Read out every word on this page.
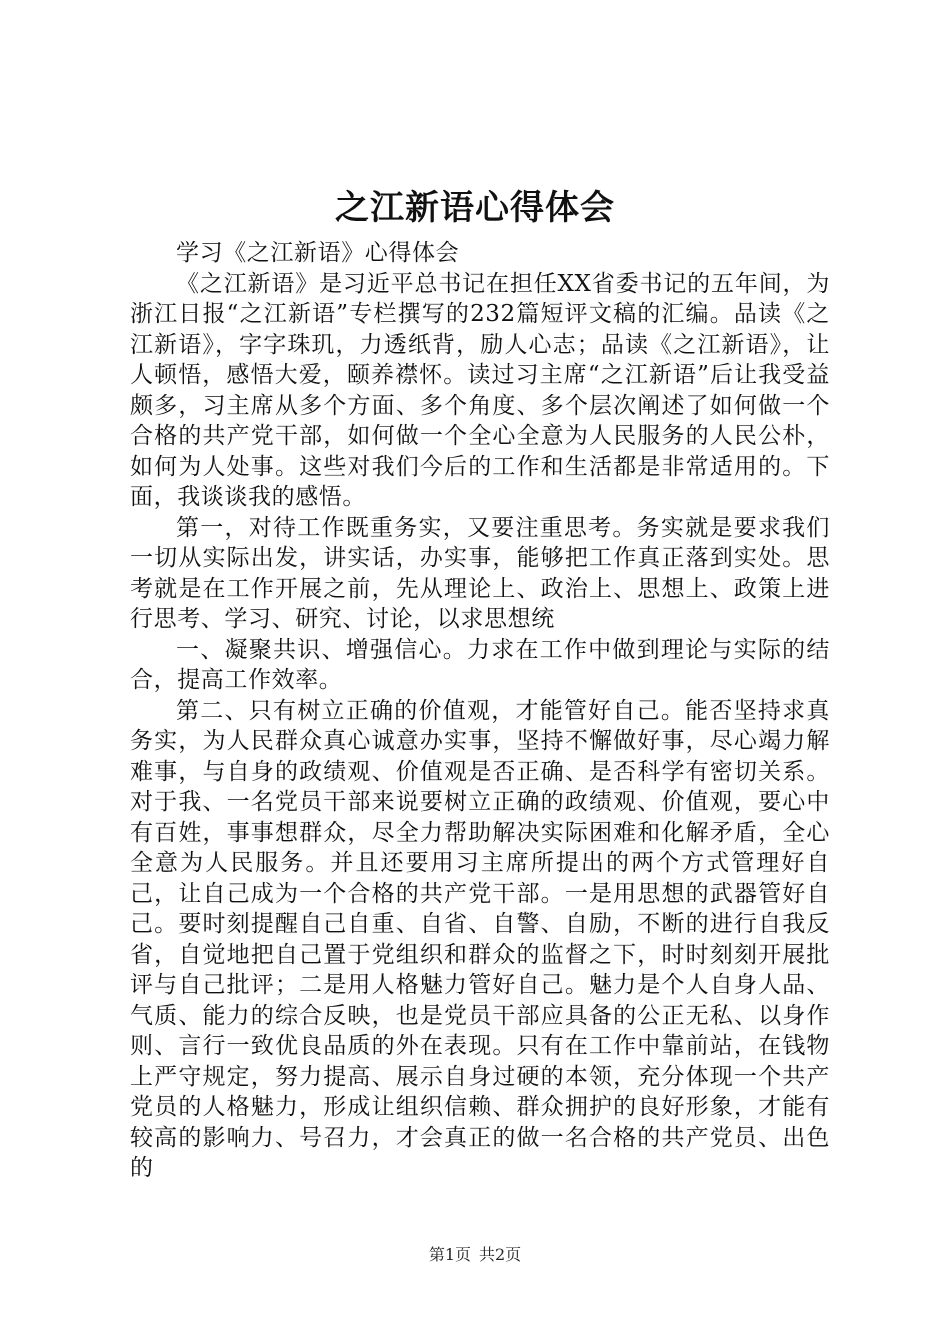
之江新语心得体会

学习《之江新语》心得体会

《之江新语》是习近平总书记在担任XX省委书记的五年间，为浙江日报“之江新语”专栏撰写的232篇短评文稿的汇编。品读《之江新语》，字字珠玑，力透纸背，励人心志；品读《之江新语》，让人顿悟，感悟大爱，颐养襟怀。读过习主席“之江新语”后让我受益颇多，习主席从多个方面、多个角度、多个层次阐述了如何做一个合格的共产党干部，如何做一个全心全意为人民服务的人民公朴，如何为人处事。这些对我们今后的工作和生活都是非常适用的。下面，我谈谈我的感悟。

第一，对待工作既重务实，又要注重思考。务实就是要求我们一切从实际出发，讲实话，办实事，能够把工作真正落到实处。思考就是在工作开展之前，先从理论上、政治上、思想上、政策上进行思考、学习、研究、讨论，以求思想统

一、凝聚共识、增强信心。力求在工作中做到理论与实际的结合，提高工作效率。

第二、只有树立正确的价值观，才能管好自己。能否坚持求真务实，为人民群众真心诚意办实事，坚持不懈做好事，尽心竭力解难事，与自身的政绩观、价值观是否正确、是否科学有密切关系。对于我、一名党员干部来说要树立正确的政绩观、价值观，要心中有百姓，事事想群众，尽全力帮助解决实际困难和化解矛盾，全心全意为人民服务。并且还要用习主席所提出的两个方式管理好自己，让自己成为一个合格的共产党干部。一是用思想的武器管好自己。要时刻提醒自己自重、自省、自警、自励，不断的进行自我反省，自觉地把自己置于党组织和群众的监督之下，时时刻刻开展批评与自己批评；二是用人格魅力管好自己。魅力是个人自身人品、气质、能力的综合反映，也是党员干部应具备的公正无私、以身作则、言行一致优良品质的外在表现。只有在工作中靠前站，在钱物上严守规定，努力提高、展示自身过硬的本领，充分体现一个共产党员的人格魅力，形成让组织信赖、群众拥护的良好形象，才能有较高的影响力、号召力，才会真正的做一名合格的共产党员、出色的

第1页 共2页
